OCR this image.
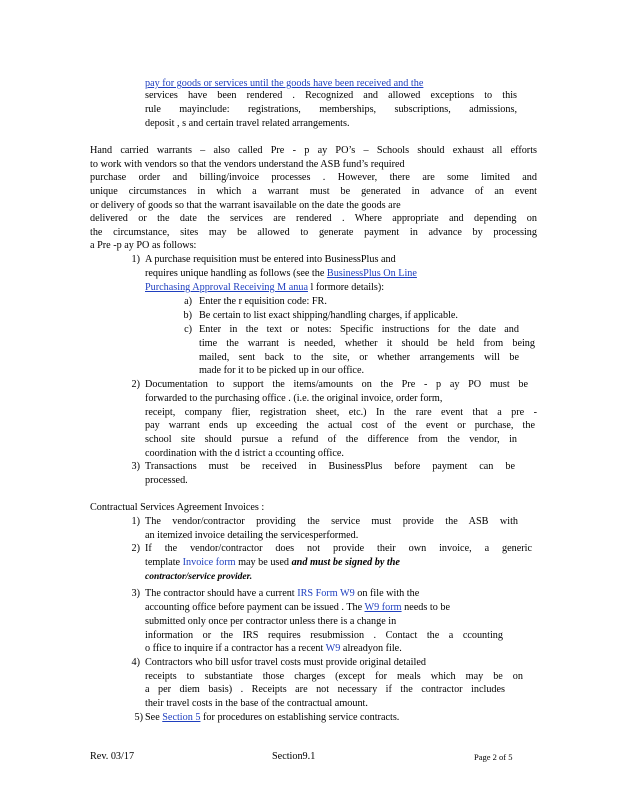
pay for goods or services until the goods have been received and the
services have been rendered . Recognized and allowed exceptions to this
rule mayinclude: registrations, memberships, subscriptions, admissions,
deposit , s and certain travel related arrangements.
Hand carried warrants – also called Pre - p ay PO’s – Schools should exhaust all efforts
to work with vendors so that the vendors understand the ASB fund’s required
purchase order and billing/invoice processes . However, there are some limited and
unique circumstances in which a warrant must be generated in advance of an event
or delivery of goods so that the warrant isavailable on the date the goods are
delivered or the date the services are rendered . Where appropriate and depending on
the circumstance, sites may be allowed to generate payment in advance by processing
a Pre -p ay PO as follows:
1) A purchase requisition must be entered into BusinessPlus and
requires unique handling as follows (see the BusinessPlus On Line
Purchasing Approval Receiving M anua l formore details):
a) Enter the r equisition code: FR.
b) Be certain to list exact shipping/handling charges, if applicable.
c) Enter in the text or notes: Specific instructions for the date and
time the warrant is needed, whether it should be held from being
mailed, sent back to the site, or whether arrangements will be
made for it to be picked up in our office.
2) Documentation to support the items/amounts on the Pre - p ay PO must be
forwarded to the purchasing office . (i.e. the original invoice, order form,
receipt, company flier, registration sheet, etc.) In the rare event that a pre -
pay warrant ends up exceeding the actual cost of the event or purchase, the
school site should pursue a refund of the difference from the vendor, in
coordination with the d istrict a ccounting office.
3) Transactions must be received in BusinessPlus before payment can be
processed.
Contractual Services Agreement Invoices :
1) The vendor/contractor providing the service must provide the ASB with
an itemized invoice detailing the servicesperformed.
2) If the vendor/contractor does not provide their own invoice, a generic
template Invoice form may be used and must be signed by the
contractor/service provider.
3) The contractor should have a current IRS Form W9 on file with the
accounting office before payment can be issued . The W9 form needs to be
submitted only once per contractor unless there is a change in
information or the IRS requires resubmission . Contact the a ccounting
o ffice to inquire if a contractor has a recent W9 alreadyon file.
4) Contractors who bill usfor travel costs must provide original detailed
receipts to substantiate those charges (except for meals which may be on
a per diem basis) . Receipts are not necessary if the contractor includes
their travel costs in the base of the contractual amount.
5) See Section 5 for procedures on establishing service contracts.
Rev. 03/17	Section9.1	Page 2 of 5
